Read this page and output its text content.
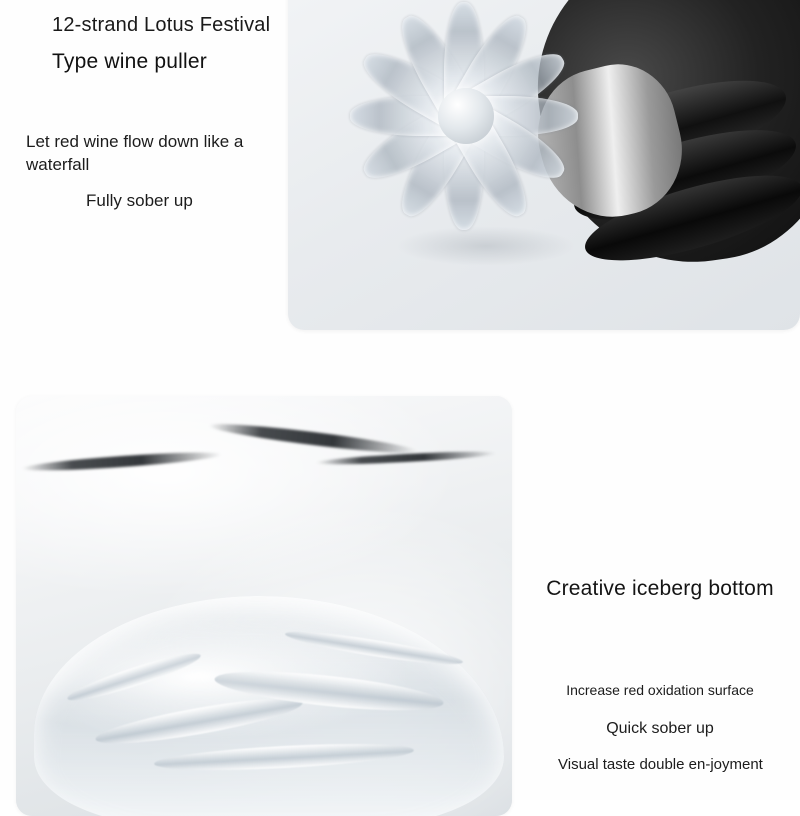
12-strand Lotus Festival
Type wine puller
Let red wine flow down like a waterfall
Fully sober up
Creative iceberg bottom
Increase red oxidation surface
Quick sober up
Visual taste double en-joyment
